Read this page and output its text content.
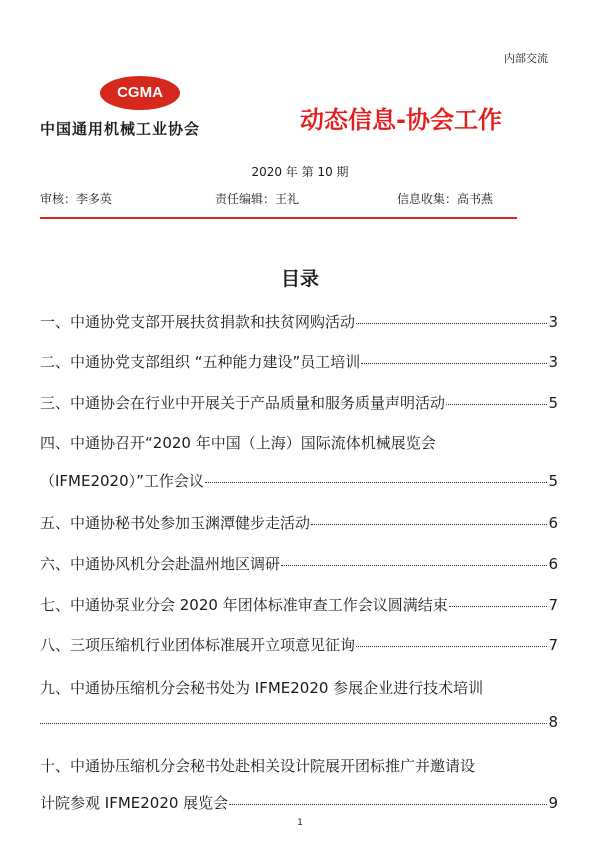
内部交流
CGMA
中国通用机械工业协会	动态信息-协会工作
2020 年 第 10 期
审核：李多英	责任编辑：王礼	信息收集：高书燕
目录
一、中通协党支部开展扶贫捐款和扶贫网购活动	3
二、中通协党支部组织 “五种能力建设”员工培训	3
三、中通协会在行业中开展关于产品质量和服务质量声明活动	5
四、中通协召开“2020 年中国（上海）国际流体机械展览会
（IFME2020）”工作会议	5
五、中通协秘书处参加玉渊潭健步走活动	6
六、中通协风机分会赴温州地区调研	6
七、中通协泵业分会 2020 年团体标准审查工作会议圆满结束	7
八、三项压缩机行业团体标准展开立项意见征询	7
九、中通协压缩机分会秘书处为 IFME2020 参展企业进行技术培训
8
十、中通协压缩机分会秘书处赴相关设计院展开团标推广并邀请设
计院参观 IFME2020 展览会	9
1
